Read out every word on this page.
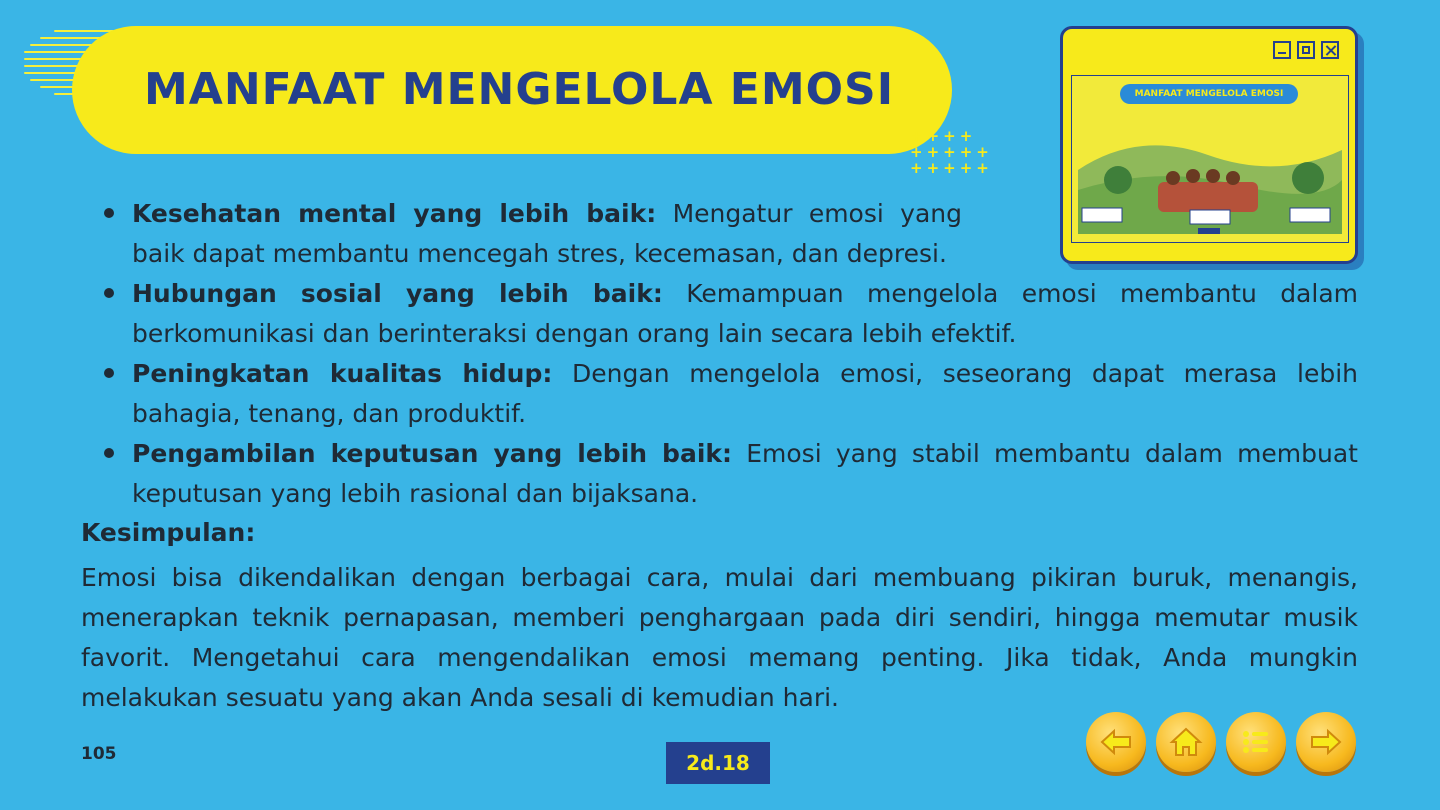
MANFAAT MENGELOLA EMOSI
++++
+++++
+++++
MANFAAT MENGELOLA EMOSI
Kesehatan mental yang lebih baik: Mengatur emosi yang baik dapat membantu mencegah stres, kecemasan, dan depresi.
Hubungan sosial yang lebih baik: Kemampuan mengelola emosi membantu dalam berkomunikasi dan berinteraksi dengan orang lain secara lebih efektif.
Peningkatan kualitas hidup: Dengan mengelola emosi, seseorang dapat merasa lebih bahagia, tenang, dan produktif.
Pengambilan keputusan yang lebih baik: Emosi yang stabil membantu dalam membuat keputusan yang lebih rasional dan bijaksana.
Kesimpulan:
Emosi bisa dikendalikan dengan berbagai cara, mulai dari membuang pikiran buruk, menangis, menerapkan teknik pernapasan, memberi penghargaan pada diri sendiri, hingga memutar musik favorit. Mengetahui cara mengendalikan emosi memang penting. Jika tidak, Anda mungkin melakukan sesuatu yang akan Anda sesali di kemudian hari.
105	2d.18
